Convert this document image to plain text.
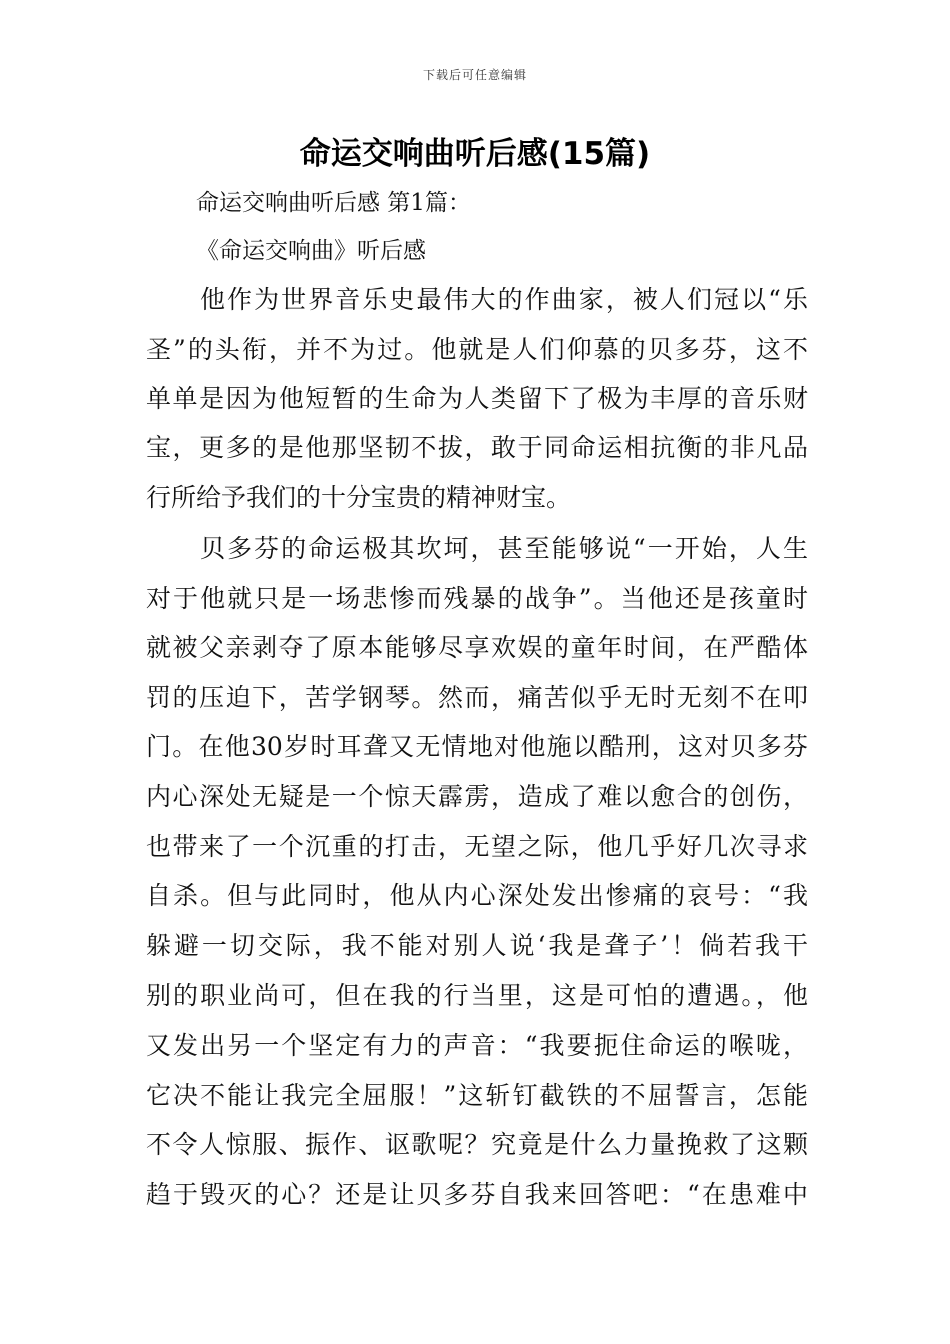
下载后可任意编辑
命运交响曲听后感(15篇)

命运交响曲听后感 第1篇：

《命运交响曲》听后感

他作为世界音乐史最伟大的作曲家，被人们冠以“乐

圣”的头衔，并不为过。他就是人们仰慕的贝多芬，这不

单单是因为他短暂的生命为人类留下了极为丰厚的音乐财

宝，更多的是他那坚韧不拔，敢于同命运相抗衡的非凡品

行所给予我们的十分宝贵的精神财宝。

贝多芬的命运极其坎坷，甚至能够说“一开始，人生

对于他就只是一场悲惨而残暴的战争”。当他还是孩童时

就被父亲剥夺了原本能够尽享欢娱的童年时间，在严酷体

罚的压迫下，苦学钢琴。然而，痛苦似乎无时无刻不在叩

门。在他30岁时耳聋又无情地对他施以酷刑，这对贝多芬

内心深处无疑是一个惊天霹雳，造成了难以愈合的创伤，

也带来了一个沉重的打击，无望之际，他几乎好几次寻求

自杀。但与此同时，他从内心深处发出惨痛的哀号：“我

躲避一切交际，我不能对别人说‘我是聋子’！倘若我干

别的职业尚可，但在我的行当里，这是可怕的遭遇。，他

又发出另一个坚定有力的声音：“我要扼住命运的喉咙，

它决不能让我完全屈服！”这斩钉截铁的不屈誓言，怎能

不令人惊服、振作、讴歌呢？究竟是什么力量挽救了这颗

趋于毁灭的心？还是让贝多芬自我来回答吧：“在患难中
